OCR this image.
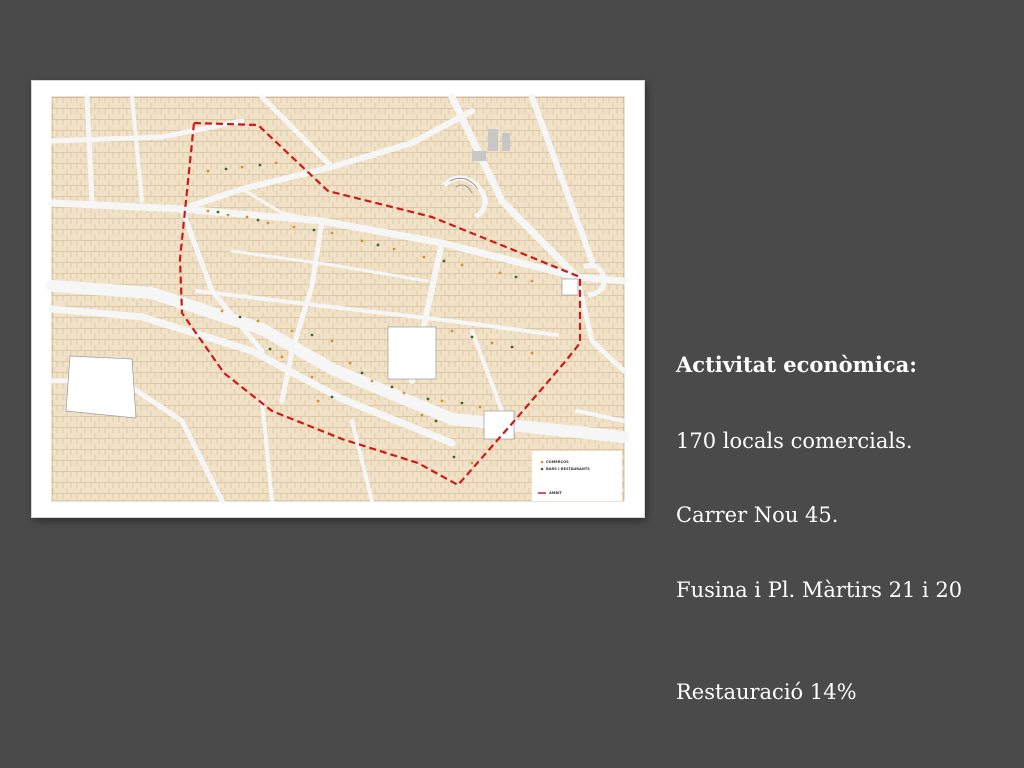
COMERÇOS
BARS I RESTAURANTS
ÀMBIT

Activitat econòmica:

170 locals comercials.

Carrer Nou 45.

Fusina i Pl. Màrtirs 21 i 20

Restauració 14%
